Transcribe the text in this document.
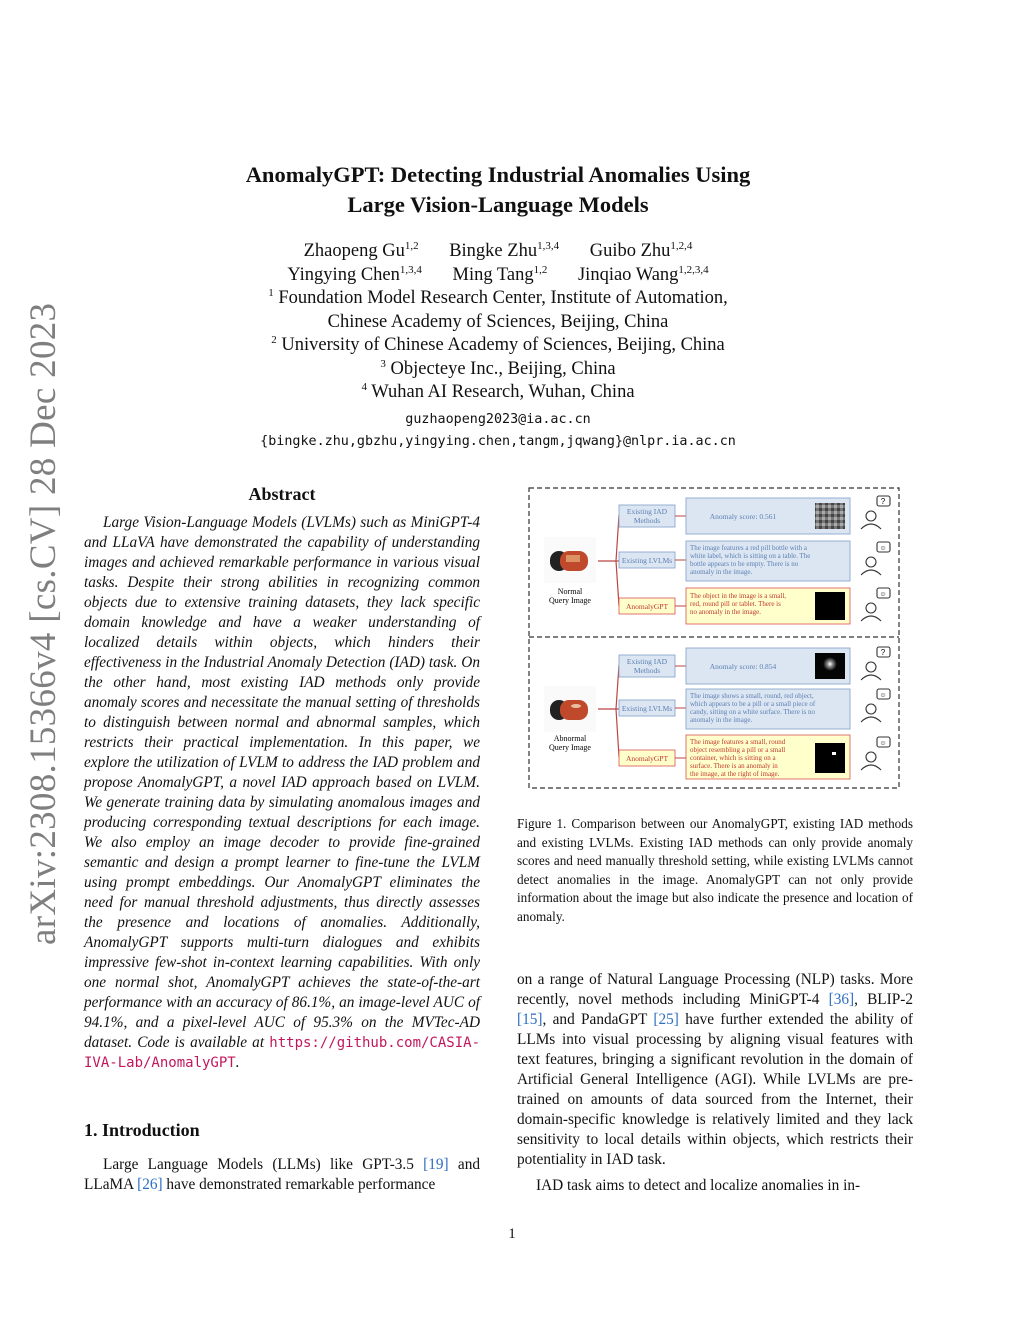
arXiv:2308.15366v4 [cs.CV] 28 Dec 2023
AnomalyGPT: Detecting Industrial Anomalies Using
Large Vision-Language Models
Zhaopeng Gu$^{1,2}$ Bingke Zhu$^{1,3,4}$ Guibo Zhu$^{1,2,4}$
Yingying Chen$^{1,3,4}$ Ming Tang$^{1,2}$ Jinqiao Wang$^{1,2,3,4}$
$^1$ Foundation Model Research Center, Institute of Automation,
Chinese Academy of Sciences, Beijing, China
$^2$ University of Chinese Academy of Sciences, Beijing, China
$^3$ Objecteye Inc., Beijing, China
$^4$ Wuhan AI Research, Wuhan, China
guzhaopeng2023@ia.ac.cn
{bingke.zhu,gbzhu,yingying.chen,tangm,jqwang}@nlpr.ia.ac.cn
Abstract

Large Vision-Language Models (LVLMs) such as MiniGPT-4 and LLaVA have demonstrated the capability of understanding images and achieved remarkable performance in various visual tasks. Despite their strong abilities in recognizing common objects due to extensive training datasets, they lack specific domain knowledge and have a weaker understanding of localized details within objects, which hinders their effectiveness in the Industrial Anomaly Detection (IAD) task. On the other hand, most existing IAD methods only provide anomaly scores and necessitate the manual setting of thresholds to distinguish between normal and abnormal samples, which restricts their practical implementation. In this paper, we explore the utilization of LVLM to address the IAD problem and propose AnomalyGPT, a novel IAD approach based on LVLM. We generate training data by simulating anomalous images and producing corresponding textual descriptions for each image. We also employ an image decoder to provide fine-grained semantic and design a prompt learner to fine-tune the LVLM using prompt embeddings. Our AnomalyGPT eliminates the need for manual threshold adjustments, thus directly assesses the presence and locations of anomalies. Additionally, AnomalyGPT supports multi-turn dialogues and exhibits impressive few-shot in-context learning capabilities. With only one normal shot, AnomalyGPT achieves the state-of-the-art performance with an accuracy of 86.1%, an image-level AUC of 94.1%, and a pixel-level AUC of 95.3% on the MVTec-AD dataset. Code is available at https://github.com/CASIA-IVA-Lab/AnomalyGPT.

1. Introduction

Large Language Models (LLMs) like GPT-3.5 [19] and LLaMA [26] have demonstrated remarkable performance

Normal
Query Image
Existing IAD
Methods
Existing LVLMs
AnomalyGPT
Anomaly score: 0.561
The image features a red pill bottle with a
white label, which is sitting on a table. The
bottle appears to be empty. There is no
anomaly in the image.
The object in the image is a small,
red, round pill or tablet. There is
no anomaly in the image.
?
☺
☺
Abnormal
Query Image
Existing IAD
Methods
Existing LVLMs
AnomalyGPT
Anomaly score: 0.854
The image shows a small, round, red object,
which appears to be a pill or a small piece of
candy, sitting on a white surface. There is no
anomaly in the image.
The image features a small, round
object resembling a pill or a small
container, which is sitting on a
surface. There is an anomaly in
the image, at the right of image.
?
☺
☺
Figure 1. Comparison between our AnomalyGPT, existing IAD methods and existing LVLMs. Existing IAD methods can only provide anomaly scores and need manually threshold setting, while existing LVLMs cannot detect anomalies in the image. AnomalyGPT can not only provide information about the image but also indicate the presence and location of anomaly.

on a range of Natural Language Processing (NLP) tasks. More recently, novel methods including MiniGPT-4 [36], BLIP-2 [15], and PandaGPT [25] have further extended the ability of LLMs into visual processing by aligning visual features with text features, bringing a significant revolution in the domain of Artificial General Intelligence (AGI). While LVLMs are pre-trained on amounts of data sourced from the Internet, their domain-specific knowledge is relatively limited and they lack sensitivity to local details within objects, which restricts their potentiality in IAD task.

IAD task aims to detect and localize anomalies in in-

1
